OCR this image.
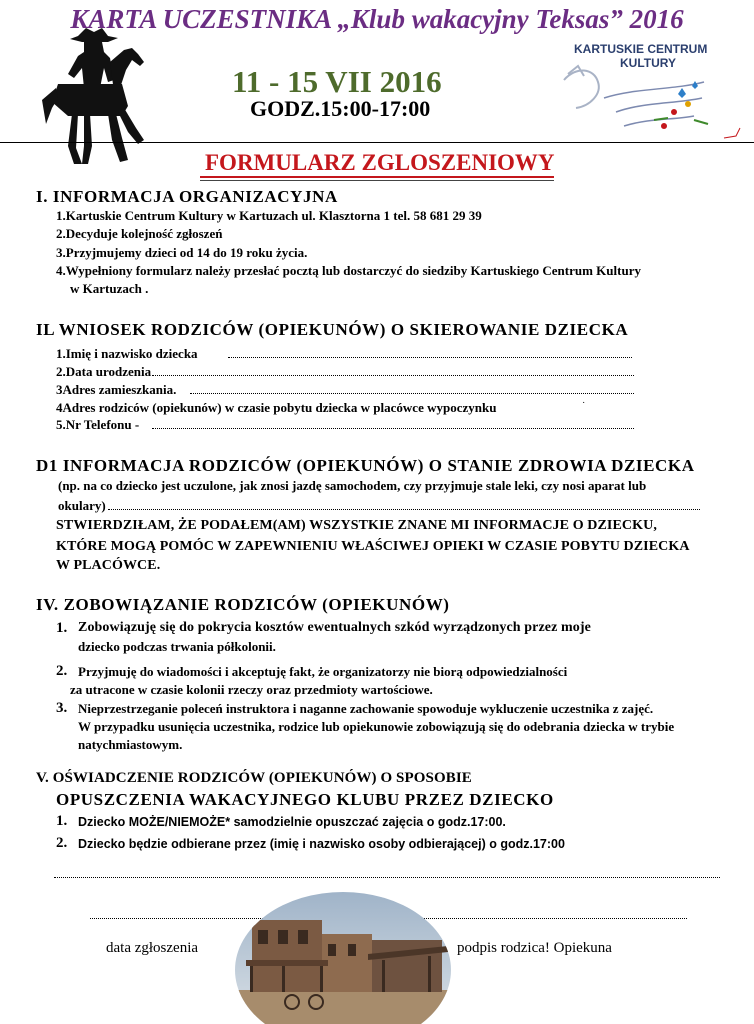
KARTA UCZESTNIKA „Klub wakacyjny Teksas” 2016
11 - 15 VII 2016
GODZ.15:00-17:00
KARTUSKIE CENTRUM
KULTURY
FORMULARZ ZGLOSZENIOWY
I. INFORMACJA ORGANIZACYJNA
1.Kartuskie Centrum Kultury w Kartuzach ul. Klasztorna 1 tel. 58 681 29 39
2.Decyduje kolejność zgłoszeń
3.Przyjmujemy dzieci od 14 do 19 roku życia.
4.Wypełniony formularz należy przesłać pocztą lub dostarczyć do siedziby Kartuskiego Centrum Kultury
w Kartuzach .
IL WNIOSEK RODZICÓW (OPIEKUNÓW) O SKIEROWANIE DZIECKA
1.Imię i nazwisko dziecka
2.Data urodzenia
3Adres zamieszkania.
4Adres rodziców (opiekunów) w czasie pobytu dziecka w placówce wypoczynku	˙
5.Nr Telefonu -
D1 INFORMACJA RODZICÓW (OPIEKUNÓW) O STANIE ZDROWIA DZIECKA
(np. na co dziecko jest uczulone, jak znosi jazdę samochodem, czy przyjmuje stale leki, czy nosi aparat lub
okulary)
STWIERDZIŁAM, ŻE PODAŁEM(AM) WSZYSTKIE ZNANE MI INFORMACJE O DZIECKU,
KTÓRE MOGĄ POMÓC W ZAPEWNIENIU WŁAŚCIWEJ OPIEKI W CZASIE POBYTU DZIECKA
W PLACÓWCE.
IV. ZOBOWIĄZANIE RODZICÓW (OPIEKUNÓW)
1. Zobowiązuję się do pokrycia kosztów ewentualnych szkód wyrządzonych przez moje
dziecko podczas trwania półkolonii.
2. Przyjmuję do wiadomości i akceptuję fakt, że organizatorzy nie biorą odpowiedzialności
za utracone w czasie kolonii rzeczy oraz przedmioty wartościowe.
3. Nieprzestrzeganie poleceń instruktora i naganne zachowanie spowoduje wykluczenie uczestnika z zajęć.
W przypadku usunięcia uczestnika, rodzice lub opiekunowie zobowiązują się do odebrania dziecka w trybie
natychmiastowym.
V. OŚWIADCZENIE RODZICÓW (OPIEKUNÓW) O SPOSOBIE
OPUSZCZENIA WAKACYJNEGO KLUBU PRZEZ DZIECKO
1. Dziecko MOŻE/NIEMOŻE* samodzielnie opuszczać zajęcia o godz.17:00.
2. Dziecko będzie odbierane przez (imię i nazwisko osoby odbierającej) o godz.17:00
data zgłoszenia	podpis rodzica! Opiekuna
